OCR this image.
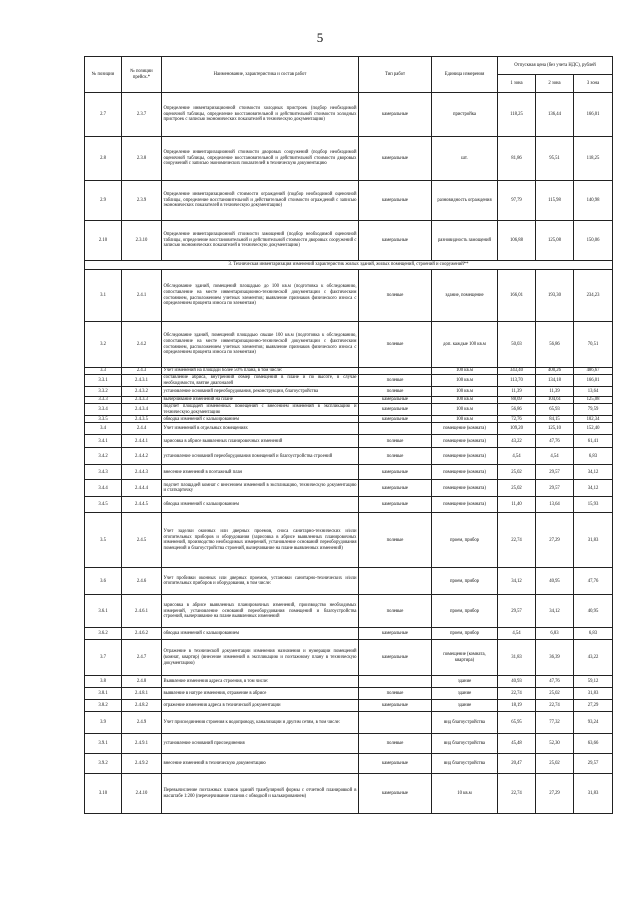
5
№ позиции	№ позиции прейск.*	Наименование, характеристика и состав работ	Тип работ	Единица измерения	Отпускная цена (без учета НДС), рублей		
					1 зона	2 зона	3 зона
2.7	2.3.7	Определение инвентаризационной стоимости холодных пристроек (подбор необходимой оценочной таблицы, определение восстановительной и действительной стоимости холодных пристроек с записью экономических показателей в техническую документацию)	камеральные	пристройка	118,25	136,44	166,01
2.8	2.3.8	Определение инвентаризационной стоимости дворовых сооружений (подбор необходимой оценочной таблицы, определение восстановительной и действительной стоимости дворовых сооружений с записью экономических показателей в техническую документацию	камеральные	шт.	81,86	95,51	118,25
2.9	2.3.9	Определение инвентаризационной стоимости ограждений (подбор необходимой оценочной таблицы, определение восстановительной и действительной стоимости ограждений с записью экономических показателей в техническую документацию)	камеральные	разновидность ограждения	97,79	115,98	140,98
2.10	2.3.10	Определение инвентаризационной стоимости замощений (подбор необходимой оценочной таблицы, определение восстановительной и действительной стоимости дворовых сооружений с записью экономических показателей в техническую документацию)	камеральные	разновидность замощений	106,88	125,08	150,06
3. Техническая инвентаризация изменений характеристик жилых зданий, жилых помещений, строений и сооружений**							
3.1	2.4.1	Обследование зданий, помещений площадью до 100 кв.м (подготовка к обследованию, сопоставление на месте инвентаризационно-технической документации с фактическим состоянием, расположением учетных элементов; выявление признаков физического износа с определением процента износа по элементам)	полевые	здание, помещение	166,01	193,30	234,23
3.2	2.4.2	Обследование зданий, помещений площадью свыше 100 кв.м (подготовка к обследованию, сопоставление на месте инвентаризационно-технической документации с фактическим состоянием, расположением учетных элементов; выявление признаков физического износа с определением процента износа по элементам)	полевые	доп. каждые 100 кв.м	50,03	56,86	70,51
3.3	2.4.3	Учет изменений на площади более 50% плана, в том числе:		100 кв.м	343,40	400,26	486,67
3.3.1	2.4.3.1	составление абриса, внутренний обмер помещений в плане и по высоте, в случае необходимости, взятие диагоналей	полевые	100 кв.м	113,70	134,18	166,01
3.3.2	2.4.3.2	установление оснований переоборудования, реконструкции, благоустройства	полевые	100 кв.м	11,39	11,39	13,64
3.3.3	2.4.3.3	вычерчивание изменений на плане	камеральные	100 кв.м	88,69	104,61	125,08
3.3.4	2.4.3.4	подсчет площадей измененных помещений с внесением изменений в экспликацию и техническую документацию	камеральные	100 кв.м	56,86	65,93	79,59
3.3.5	2.4.3.5	обводка изменений с калькированием	камеральные	100 кв.м	72,76	84,15	102,34
3.4	2.4.4	Учет изменений в отдельных помещениях		помещение (комната)	109,20	125,10	152,40
3.4.1	2.4.4.1	зарисовка в абрисе выявленных планировочных изменений	полевые	помещение (комната)	43,22	47,76	61,41
3.4.2	2.4.4.2	установление оснований переоборудования помещений и благоустройства строений	полевые	помещение (комната)	4,54	4,54	6,83
3.4.3	2.4.4.3	внесение изменений в поэтажный план	камеральные	помещение (комната)	25,02	29,57	34,12
3.4.4	2.4.4.4	подсчет площадей комнат с внесением изменений в экспликацию, техническую документацию и статкарточку	камеральные	помещение (комната)	25,02	29,57	34,12
3.4.5	2.4.4.5	обводка изменений с калькированием	камеральные	помещение (комната)	11,40	13,64	15,93
3.5	2.4.5	Учет заделки оконных или дверных проемов, сноса санитарно-технических и/или отопительных приборов и оборудования (зарисовка в абрисе выявленных планировочных изменений, производство необходимых измерений, установление оснований переоборудования помещений и благоустройства строений, вычерчивание на плане выявленных изменений)	полевые	проем, прибор	22,74	27,29	31,83
3.6	2.4.6	Учет пробивки оконных или дверных проемов, установки санитарно-технических и/или отопительных приборов и оборудования, в том числе:		проем, прибор	34,12	40,95	47,76
3.6.1	2.4.6.1	зарисовка в абрисе выявленных планировочных изменений, производство необходимых измерений, установление оснований переоборудования помещений и благоустройства строений, вычерчивание на плане выявленных изменений	полевые	проем, прибор	29,57	34,12	40,95
3.6.2	2.4.6.2	обводка изменений с калькированием	камеральные	проем, прибор	4,54	6,83	6,83
3.7	2.4.7	Отражение в технической документации изменения назначения и нумерации помещений (комнат, квартир) (внесение изменений в экспликацию и поэтажному плану в техническую документацию)	камеральные	помещение (комната, квартира)	31,83	36,39	43,22
3.8	2.4.8	Выявление изменения адреса строения, в том числе:		здание	40,93	47,76	59,12
3.8.1	2.4.8.1	выявление в натуре изменения, отражение в абрисе	полевые	здание	22,74	25,02	31,83
3.8.2	2.4.8.2	отражение изменения адреса в технической документации	камеральные	здание	18,19	22,74	27,29
3.9	2.4.9	Учет присоединения строения к водопроводу, канализации и другим сетям, в том числе:		вид благоустройства	65,95	77,32	93,24
3.9.1	2.4.9.1	установление оснований присоединения	полевые	вид благоустройства	45,48	52,30	63,66
3.9.2	2.4.9.2	внесение изменений в техническую документацию	камеральные	вид благоустройства	20,47	25,02	29,57
3.10	2.4.10	Перевычисление поэтажных планов зданий трамбулярной формы с отчетной планировкой в масштабе 1:200 (перечерчивание планов с обводкой и калькированием)	камеральные	10 кв.м	22,74	27,29	31,83
